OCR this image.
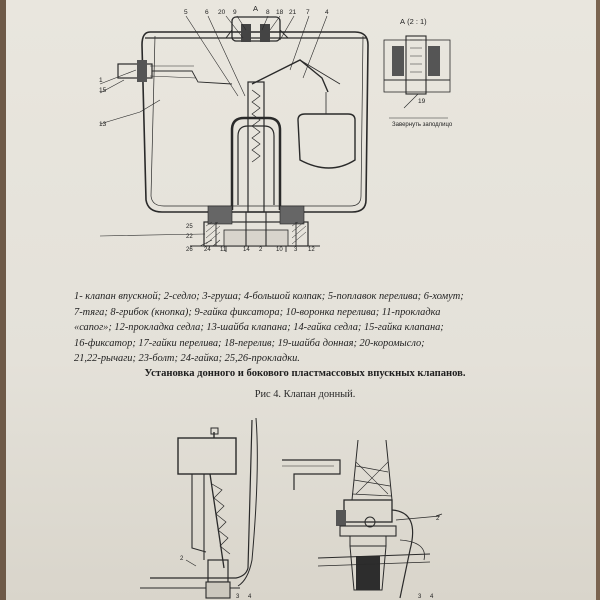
А
5	6 20 9	8 18 21 7 4
1
15
13
25
22
26 24 11	14 2 10 3 12
А (2 : 1)
19
Завернуть заподлицо
2
3 4
2
3 4
1- клапан впускной; 2-седло; 3-груша; 4-большой колпак; 5-поплавок перелива; 6-хомут;
7-тяга; 8-грибок (кнопка); 9-гайка фиксатора; 10-воронка перелива; 11-прокладка
«сапог»; 12-прокладка седла; 13-шайба клапана; 14-гайка седла; 15-гайка клапана;
16-фиксатор; 17-гайки перелива; 18-перелив; 19-шайба донная; 20-коромысло;
21,22-рычаги; 23-болт; 24-гайка; 25,26-прокладки.
Установка донного и бокового пластмассовых впускных клапанов.
Рис 4. Клапан донный.
